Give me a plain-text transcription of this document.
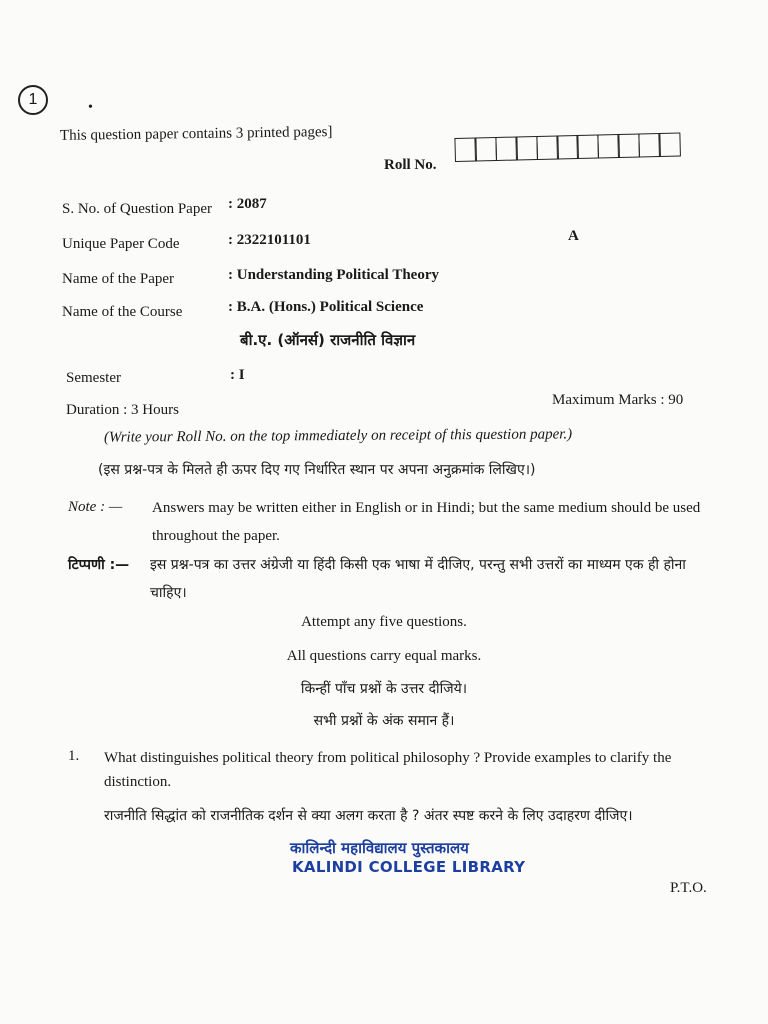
1	•
This question paper contains 3 printed pages]
Roll No.
S. No. of Question Paper : 2087
Unique Paper Code	: 2322101101	A
Name of the Paper	: Understanding Political Theory
Name of the Course	: B.A. (Hons.) Political Science
बी.ए. (ऑनर्स) राजनीति विज्ञान
Semester	: I
Duration : 3 Hours
Maximum Marks : 90
(Write your Roll No. on the top immediately on receipt of this question paper.)
(इस प्रश्न-पत्र के मिलते ही ऊपर दिए गए निर्धारित स्थान पर अपना अनुक्रमांक लिखिए।)
Note : — Answers may be written either in English or in Hindi; but the same medium should be used throughout the paper.
टिप्पणी :— इस प्रश्न-पत्र का उत्तर अंग्रेजी या हिंदी किसी एक भाषा में दीजिए, परन्तु सभी उत्तरों का माध्यम एक ही होना चाहिए।
Attempt any five questions.
All questions carry equal marks.
किन्हीं पाँच प्रश्नों के उत्तर दीजिये।
सभी प्रश्नों के अंक समान हैं।
1. What distinguishes political theory from political philosophy ? Provide examples to clarify the distinction.
राजनीति सिद्धांत को राजनीतिक दर्शन से क्या अलग करता है ? अंतर स्पष्ट करने के लिए उदाहरण दीजिए।
कालिन्दी महाविद्यालय पुस्तकालय
KALINDI COLLEGE LIBRARY
P.T.O.
